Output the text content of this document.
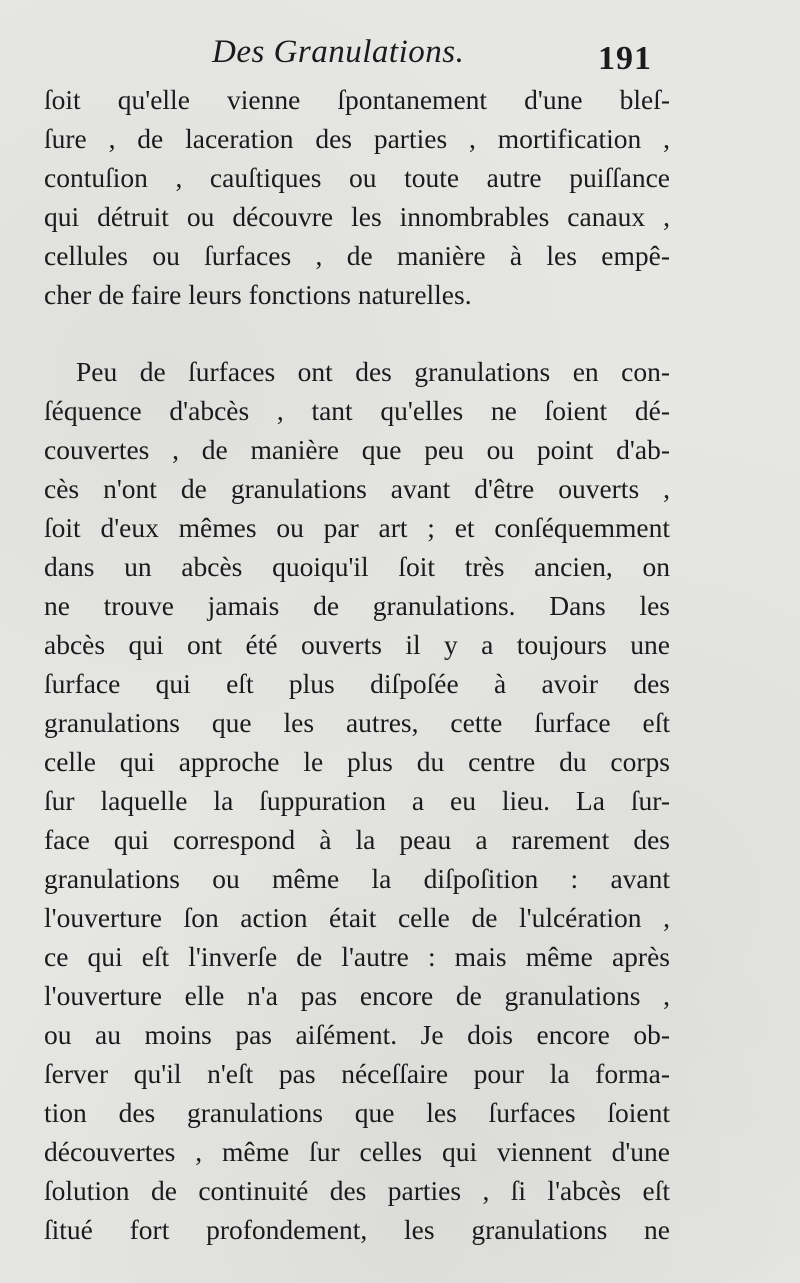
Des Granulations.	191
ſoit qu'elle vienne ſpontanement d'une bleſ-
ſure , de laceration des parties , mortification ,
contuſion , cauſtiques ou toute autre puiſſance
qui détruit ou découvre les innombrables canaux ,
cellules ou ſurfaces , de manière à les empê-
cher de faire leurs fonctions naturelles.
Peu de ſurfaces ont des granulations en con-
ſéquence d'abcès , tant qu'elles ne ſoient dé-
couvertes , de manière que peu ou point d'ab-
cès n'ont de granulations avant d'être ouverts ,
ſoit d'eux mêmes ou par art ; et conſéquemment
dans un abcès quoiqu'il ſoit très ancien, on
ne trouve jamais de granulations. Dans les
abcès qui ont été ouverts il y a toujours une
ſurface qui eſt plus diſpoſée à avoir des
granulations que les autres, cette ſurface eſt
celle qui approche le plus du centre du corps
ſur laquelle la ſuppuration a eu lieu. La ſur-
face qui correspond à la peau a rarement des
granulations ou même la diſpoſition : avant
l'ouverture ſon action était celle de l'ulcération ,
ce qui eſt l'inverſe de l'autre : mais même après
l'ouverture elle n'a pas encore de granulations ,
ou au moins pas aiſément. Je dois encore ob-
ſerver qu'il n'eſt pas néceſſaire pour la forma-
tion des granulations que les ſurfaces ſoient
découvertes , même ſur celles qui viennent d'une
ſolution de continuité des parties , ſi l'abcès eſt
ſitué fort profondement, les granulations ne
